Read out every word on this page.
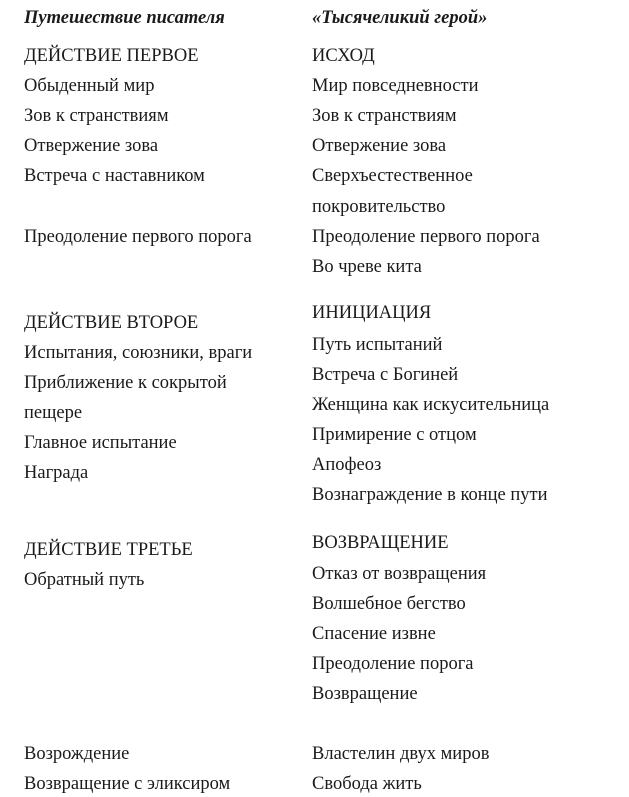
Путешествие писателя	«Тысячеликий герой»
ДЕЙСТВИЕ ПЕРВОЕ
Обыденный мир
Зов к странствиям
Отвержение зова
Встреча с наставником
Преодоление первого порога
ДЕЙСТВИЕ ВТОРОЕ
Испытания, союзники, враги
Приближение к сокрытой
пещере
Главное испытание
Награда
ДЕЙСТВИЕ ТРЕТЬЕ
Обратный путь
Возрождение
Возвращение с эликсиром
ИСХОД
Мир повседневности
Зов к странствиям
Отвержение зова
Сверхъестественное
покровительство
Преодоление первого порога
Во чреве кита
ИНИЦИАЦИЯ
Путь испытаний
Встреча с Богиней
Женщина как искусительница
Примирение с отцом
Апофеоз
Вознаграждение в конце пути
ВОЗВРАЩЕНИЕ
Отказ от возвращения
Волшебное бегство
Спасение извне
Преодоление порога
Возвращение
Властелин двух миров
Свобода жить
